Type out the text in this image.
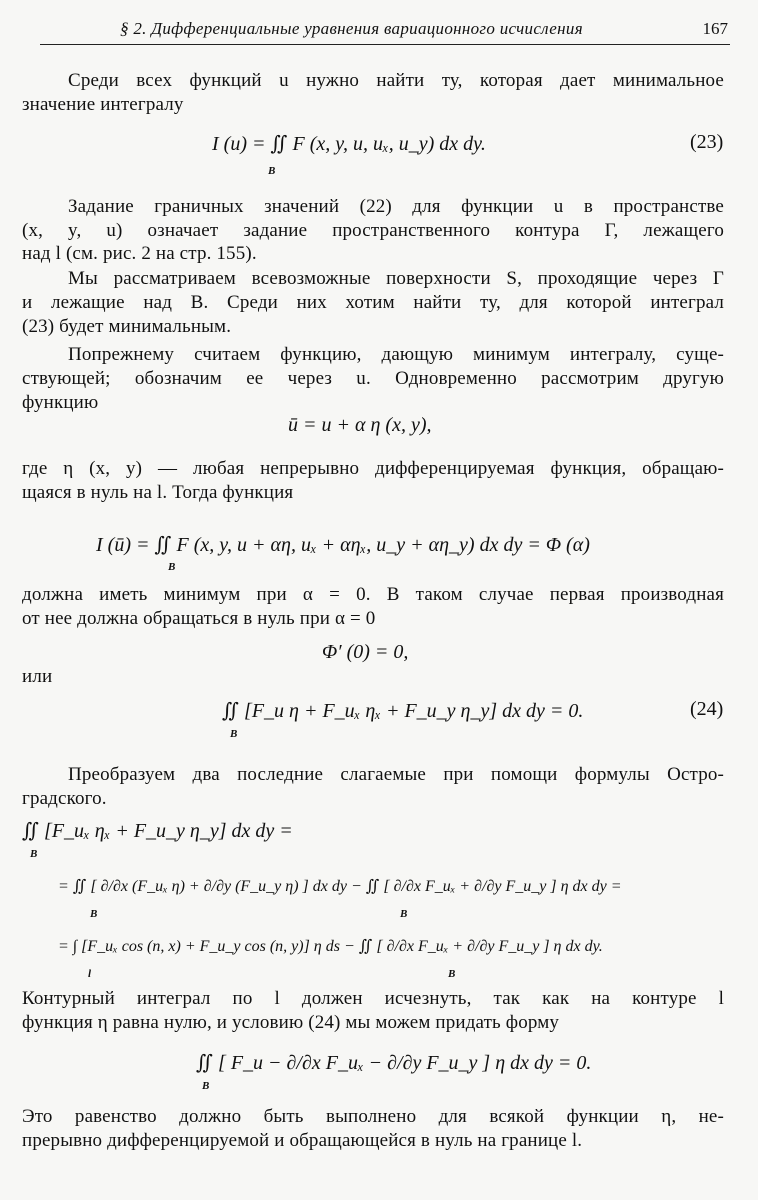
§ 2. Дифференциальные уравнения вариационного исчисления	167
Среди всех функций u нужно найти ту, которая дает минимальное
значение интегралу
I (u) = ∬ F (x, y, u, uₓ, u_y) dx dy.
B
(23)
Задание граничных значений (22) для функции u в пространстве
(x, y, u) означает задание пространственного контура Γ, лежащего
над l (см. рис. 2 на стр. 155).
Мы рассматриваем всевозможные поверхности S, проходящие через Γ
и лежащие над B. Среди них хотим найти ту, для которой интеграл
(23) будет минимальным.
Попрежнему считаем функцию, дающую минимум интегралу, суще-
ствующей; обозначим ее через u. Одновременно рассмотрим другую
функцию
ū = u + α η (x, y),
где η (x, y) — любая непрерывно дифференцируемая функция, обращаю-
щаяся в нуль на l. Тогда функция
I (ū) = ∬ F (x, y, u + αη, uₓ + αηₓ, u_y + αη_y) dx dy = Φ (α)
B
должна иметь минимум при α = 0. В таком случае первая производная
от нее должна обращаться в нуль при α = 0
Φ′ (0) = 0,
или
∬ [F_u η + F_uₓ ηₓ + F_u_y η_y] dx dy = 0.
B
(24)
Преобразуем два последние слагаемые при помощи формулы Остро-
градского.
∬ [F_uₓ ηₓ + F_u_y η_y] dx dy =
B
= ∬ [ ∂/∂x (F_uₓ η) + ∂/∂y (F_u_y η) ] dx dy − ∬ [ ∂/∂x F_uₓ + ∂/∂y F_u_y ] η dx dy =
B	B
= ∫ [F_uₓ cos (n, x) + F_u_y cos (n, y)] η ds − ∬ [ ∂/∂x F_uₓ + ∂/∂y F_u_y ] η dx dy.
l	B
Контурный интеграл по l должен исчезнуть, так как на контуре l
функция η равна нулю, и условию (24) мы можем придать форму
∬ [ F_u − ∂/∂x F_uₓ − ∂/∂y F_u_y ] η dx dy = 0.
B
Это равенство должно быть выполнено для всякой функции η, не-
прерывно дифференцируемой и обращающейся в нуль на границе l.
